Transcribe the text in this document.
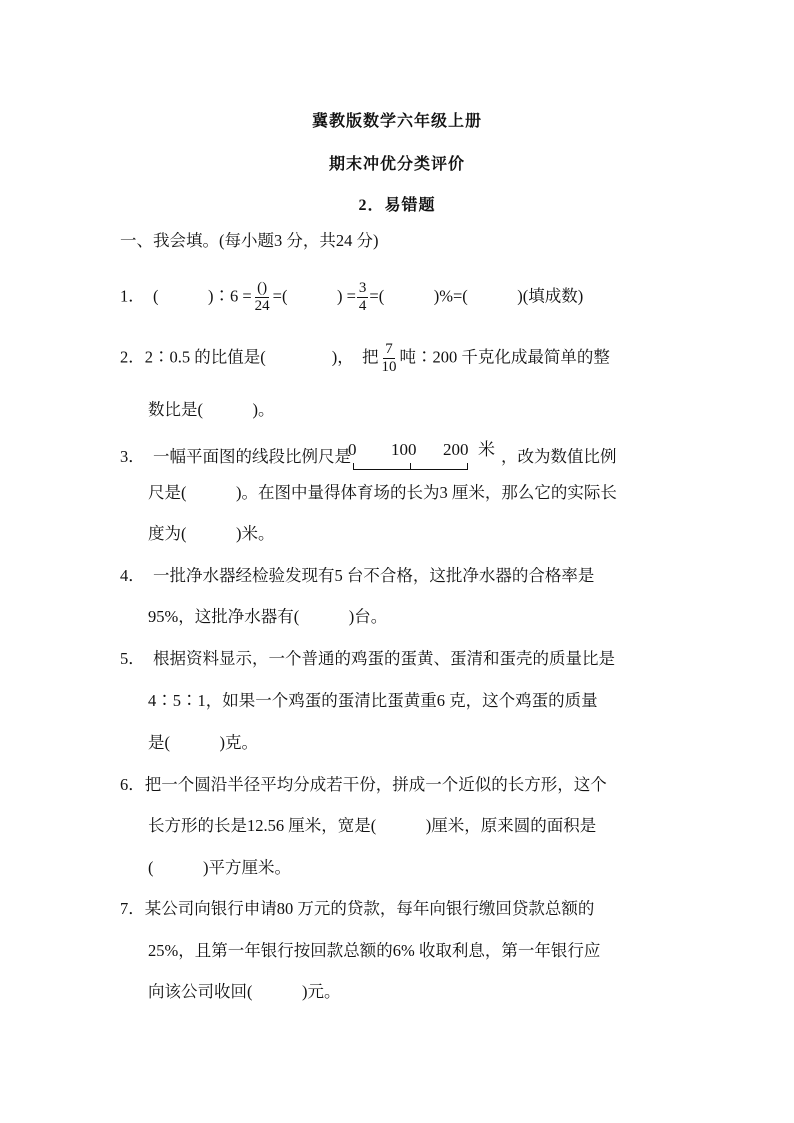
冀教版数学六年级上册
期末冲优分类评价
2．易错题
一、我会填。(每小题3 分，共24 分)
1．　(　　　)∶6 = $\frac{()}{24}$ =(　　　) = $\frac{3}{4}$ =(　　　)%=(　　　)(填成数)
2．2∶0.5 的比值是(　　　　)，　把 $\frac{7}{10}$ 吨∶200 千克化成最简单的整
数比是(　　　)。
3．　一幅平面图的线段比例尺是
0 100 200 米 ，改为数值比例
尺是(　　　)。在图中量得体育场的长为3 厘米，那么它的实际长
度为(　　　)米。
4．　一批净水器经检验发现有5 台不合格，这批净水器的合格率是
95%，这批净水器有(　　　)台。
5．　根据资料显示，一个普通的鸡蛋的蛋黄、蛋清和蛋壳的质量比是
4∶5∶1，如果一个鸡蛋的蛋清比蛋黄重6 克，这个鸡蛋的质量
是(　　　)克。
6．把一个圆沿半径平均分成若干份，拼成一个近似的长方形，这个
长方形的长是12.56 厘米，宽是(　　　)厘米，原来圆的面积是
(　　　)平方厘米。
7．某公司向银行申请80 万元的贷款，每年向银行缴回贷款总额的
25%，且第一年银行按回款总额的6% 收取利息，第一年银行应
向该公司收回(　　　)元。
